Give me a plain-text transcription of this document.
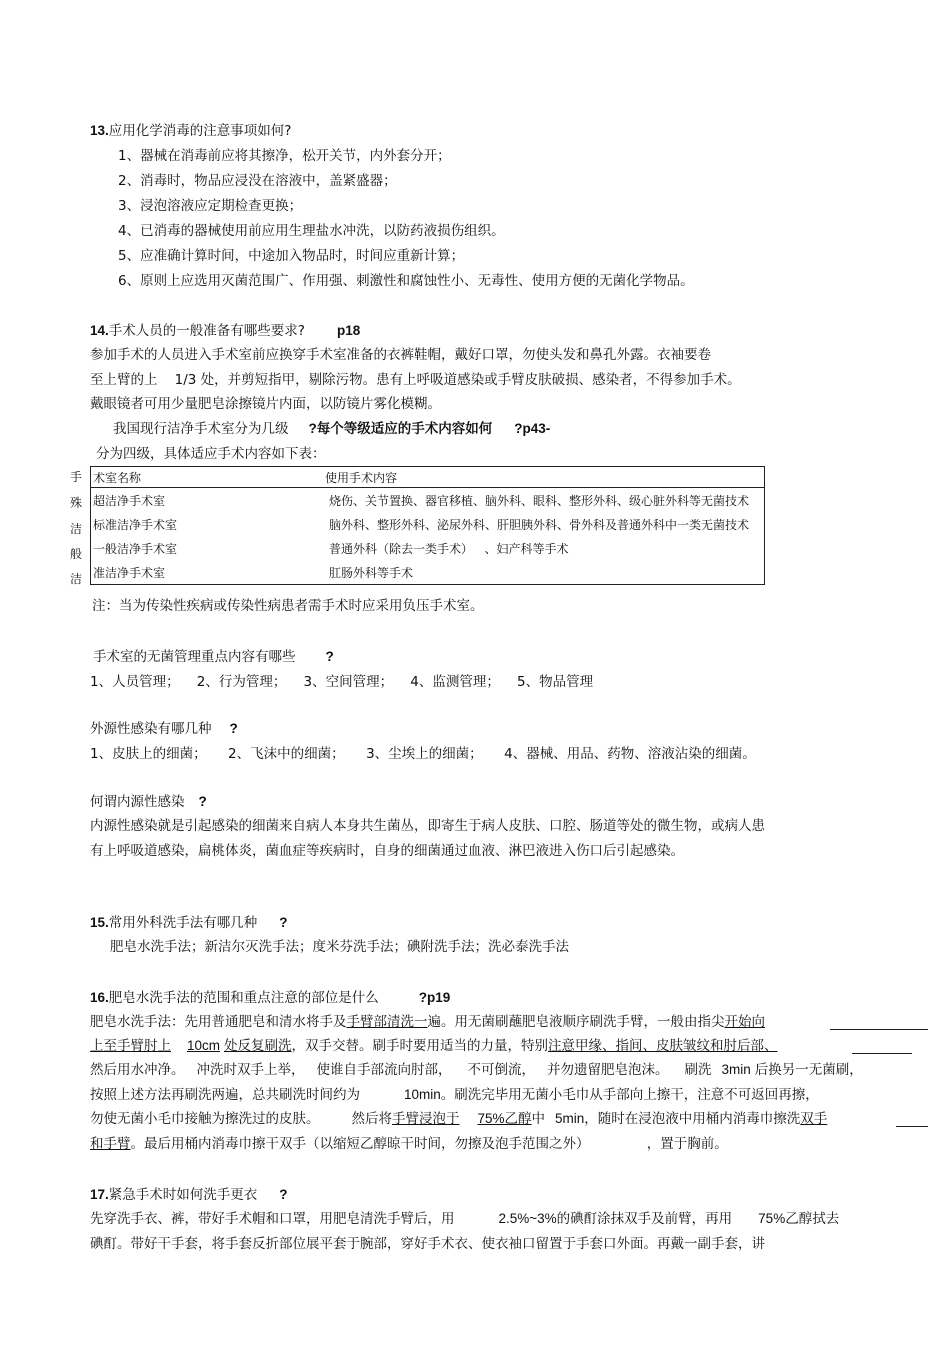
13.应用化学消毒的注意事项如何?
1、器械在消毒前应将其擦净，松开关节，内外套分开；
2、消毒时，物品应浸没在溶液中，盖紧盛器；
3、浸泡溶液应定期检查更换；
4、已消毒的器械使用前应用生理盐水冲洗，以防药液损伤组织。
5、应准确计算时间，中途加入物品时，时间应重新计算；
6、原则上应选用灭菌范围广、作用强、刺激性和腐蚀性小、无毒性、使用方便的无菌化学物品。
14.手术人员的一般准备有哪些要求? p18
参加手术的人员进入手术室前应换穿手术室准备的衣裤鞋帽，戴好口罩，勿使头发和鼻孔外露。衣袖要卷
至上臂的上    1/3 处，并剪短指甲，剔除污物。患有上呼吸道感染或手臂皮肤破损、感染者，不得参加手术。
戴眼镜者可用少量肥皂涂擦镜片内面，以防镜片雾化模糊。
我国现行洁净手术室分为几级 ?每个等级适应的手术内容如何 ?p43-
分为四级，具体适应手术内容如下表：
手
殊
洁
般
洁
术室名称	使用手术内容
超洁净手术室	烧伤、关节置换、器官移植、脑外科、眼科、整形外科、级心脏外科等无菌技术
标准洁净手术室	脑外科、整形外科、泌尿外科、肝胆胰外科、骨外科及普通外科中一类无菌技术
一般洁净手术室	普通外科（除去一类手术）   、妇产科等手术
准洁净手术室	肛肠外科等手术
注：当为传染性疾病或传染性病患者需手术时应采用负压手术室。
手术室的无菌管理重点内容有哪些 ?
1、人员管理；    2、行为管理；    3、空间管理；    4、监测管理；    5、物品管理
外源性感染有哪几种 ?
1、皮肤上的细菌；     2、飞沫中的细菌；     3、尘埃上的细菌；     4、器械、用品、药物、溶液沾染的细菌。
何谓内源性感染 ?
内源性感染就是引起感染的细菌来自病人本身共生菌丛，即寄生于病人皮肤、口腔、肠道等处的微生物，或病人患
有上呼吸道感染，扁桃体炎，菌血症等疾病时，自身的细菌通过血液、淋巴液进入伤口后引起感染。
15.常用外科洗手法有哪几种 ?
肥皂水洗手法；新洁尔灭洗手法；度米芬洗手法；碘附洗手法；洗必泰洗手法
16.肥皂水洗手法的范围和重点注意的部位是什么	?p19
肥皂水洗手法：先用普通肥皂和清水将手及手臂部清洗一遍。用无菌刷蘸肥皂液顺序刷洗手臂，一般由指尖开始向
上至手臂肘上 10cm 处反复刷洗，双手交替。刷手时要用适当的力量，特别注意甲缘、指间、皮肤皱纹和肘后部、
然后用水冲净。 冲洗时双手上举， 使谁自手部流向肘部， 不可倒流， 并勿遗留肥皂泡沫。 刷洗 3min 后换另一无菌刷，
按照上述方法再刷洗两遍，总共刷洗时间约为	10min。刷洗完毕用无菌小毛巾从手部向上擦干，注意不可返回再擦，
勿使无菌小毛巾接触为擦洗过的皮肤。 然后将手臂浸泡于 75%乙醇中 5min，随时在浸泡液中用桶内消毒巾擦洗双手
和手臂。最后用桶内消毒巾擦干双手（以缩短乙醇晾干时间，勿擦及泡手范围之外）	，置于胸前。
17.紧急手术时如何洗手更衣 ?
先穿洗手衣、裤，带好手术帽和口罩，用肥皂清洗手臂后，用	2.5%~3%的碘酊涂抹双手及前臂，再用 75%乙醇拭去
碘酊。带好干手套，将手套反折部位展平套于腕部，穿好手术衣、使衣袖口留置于手套口外面。再戴一副手套，讲
